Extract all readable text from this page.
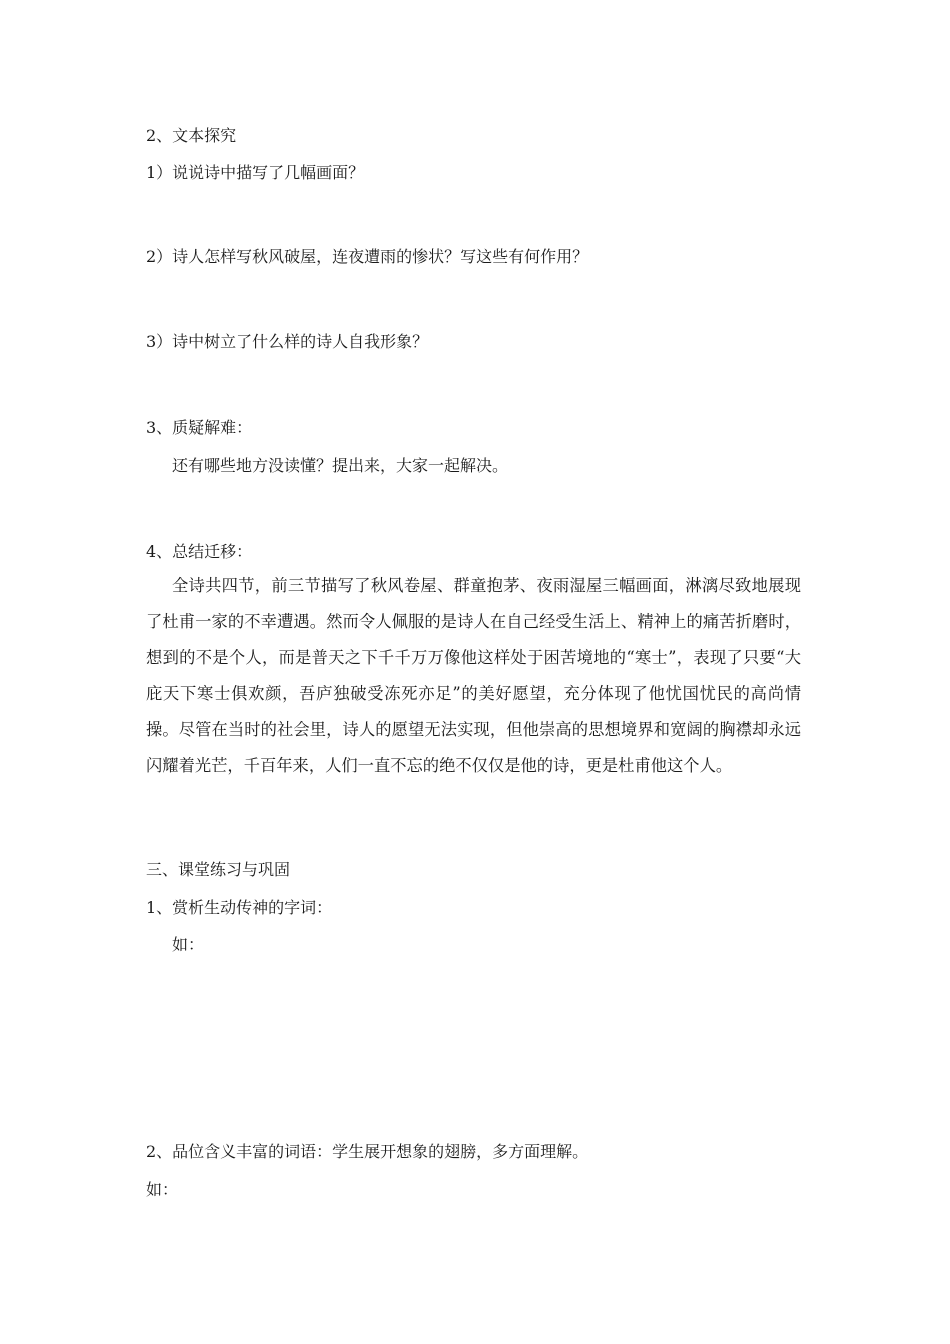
2、文本探究

1）说说诗中描写了几幅画面？

2）诗人怎样写秋风破屋，连夜遭雨的惨状？写这些有何作用？

3）诗中树立了什么样的诗人自我形象？

3、质疑解难：

还有哪些地方没读懂？提出来，大家一起解决。

4、总结迁移：

全诗共四节，前三节描写了秋风卷屋、群童抱茅、夜雨湿屋三幅画面，淋漓尽致地展现了杜甫一家的不幸遭遇。然而令人佩服的是诗人在自己经受生活上、精神上的痛苦折磨时，想到的不是个人，而是普天之下千千万万像他这样处于困苦境地的“寒士”，表现了只要“大庇天下寒士俱欢颜，吾庐独破受冻死亦足”的美好愿望，充分体现了他忧国忧民的高尚情操。尽管在当时的社会里，诗人的愿望无法实现，但他崇高的思想境界和宽阔的胸襟却永远闪耀着光芒，千百年来，人们一直不忘的绝不仅仅是他的诗，更是杜甫他这个人。

三、课堂练习与巩固

1、赏析生动传神的字词：

如：

2、品位含义丰富的词语：学生展开想象的翅膀，多方面理解。

如：
